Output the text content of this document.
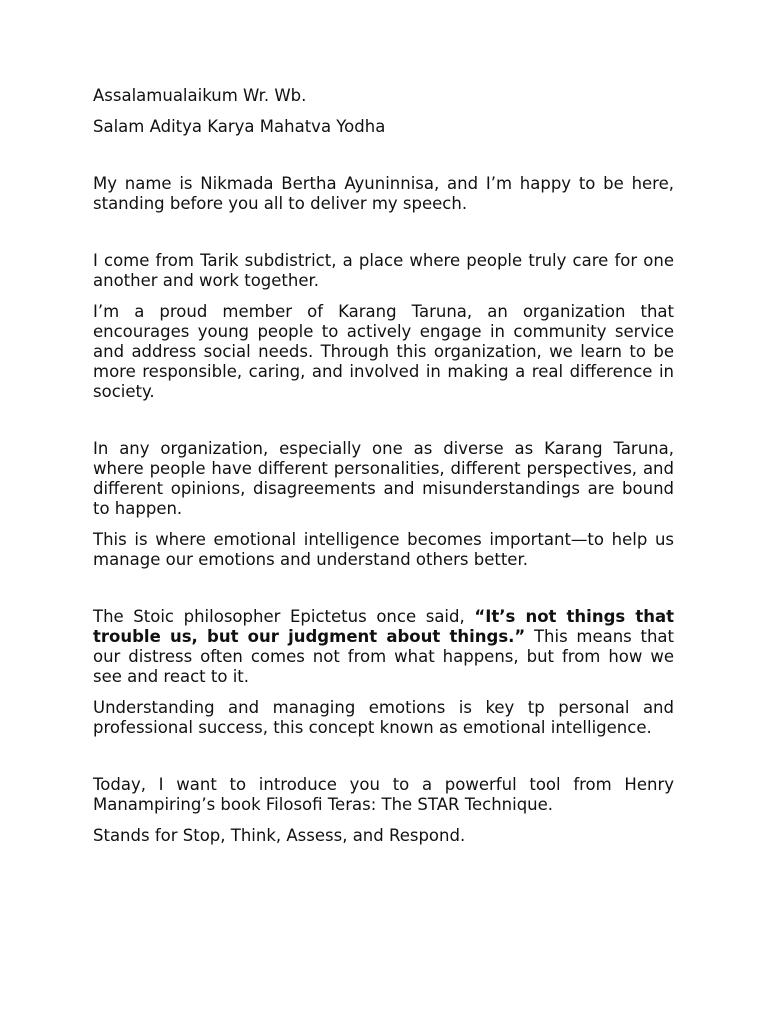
Assalamualaikum Wr. Wb.

Salam Aditya Karya Mahatva Yodha

My name is Nikmada Bertha Ayuninnisa, and I’m happy to be here, standing before you all to deliver my speech.

I come from Tarik subdistrict, a place where people truly care for one another and work together.

I’m a proud member of Karang Taruna, an organization that encourages young people to actively engage in community service and address social needs. Through this organization, we learn to be more responsible, caring, and involved in making a real difference in society.

In any organization, especially one as diverse as Karang Taruna, where people have different personalities, different perspectives, and different opinions, disagreements and misunderstandings are bound to happen.

This is where emotional intelligence becomes important—to help us manage our emotions and understand others better.

The Stoic philosopher Epictetus once said, “It’s not things that trouble us, but our judgment about things.” This means that our distress often comes not from what happens, but from how we see and react to it.

Understanding and managing emotions is key tp personal and professional success, this concept known as emotional intelligence.

Today, I want to introduce you to a powerful tool from Henry Manampiring’s book Filosofi Teras: The STAR Technique.

Stands for Stop, Think, Assess, and Respond.
